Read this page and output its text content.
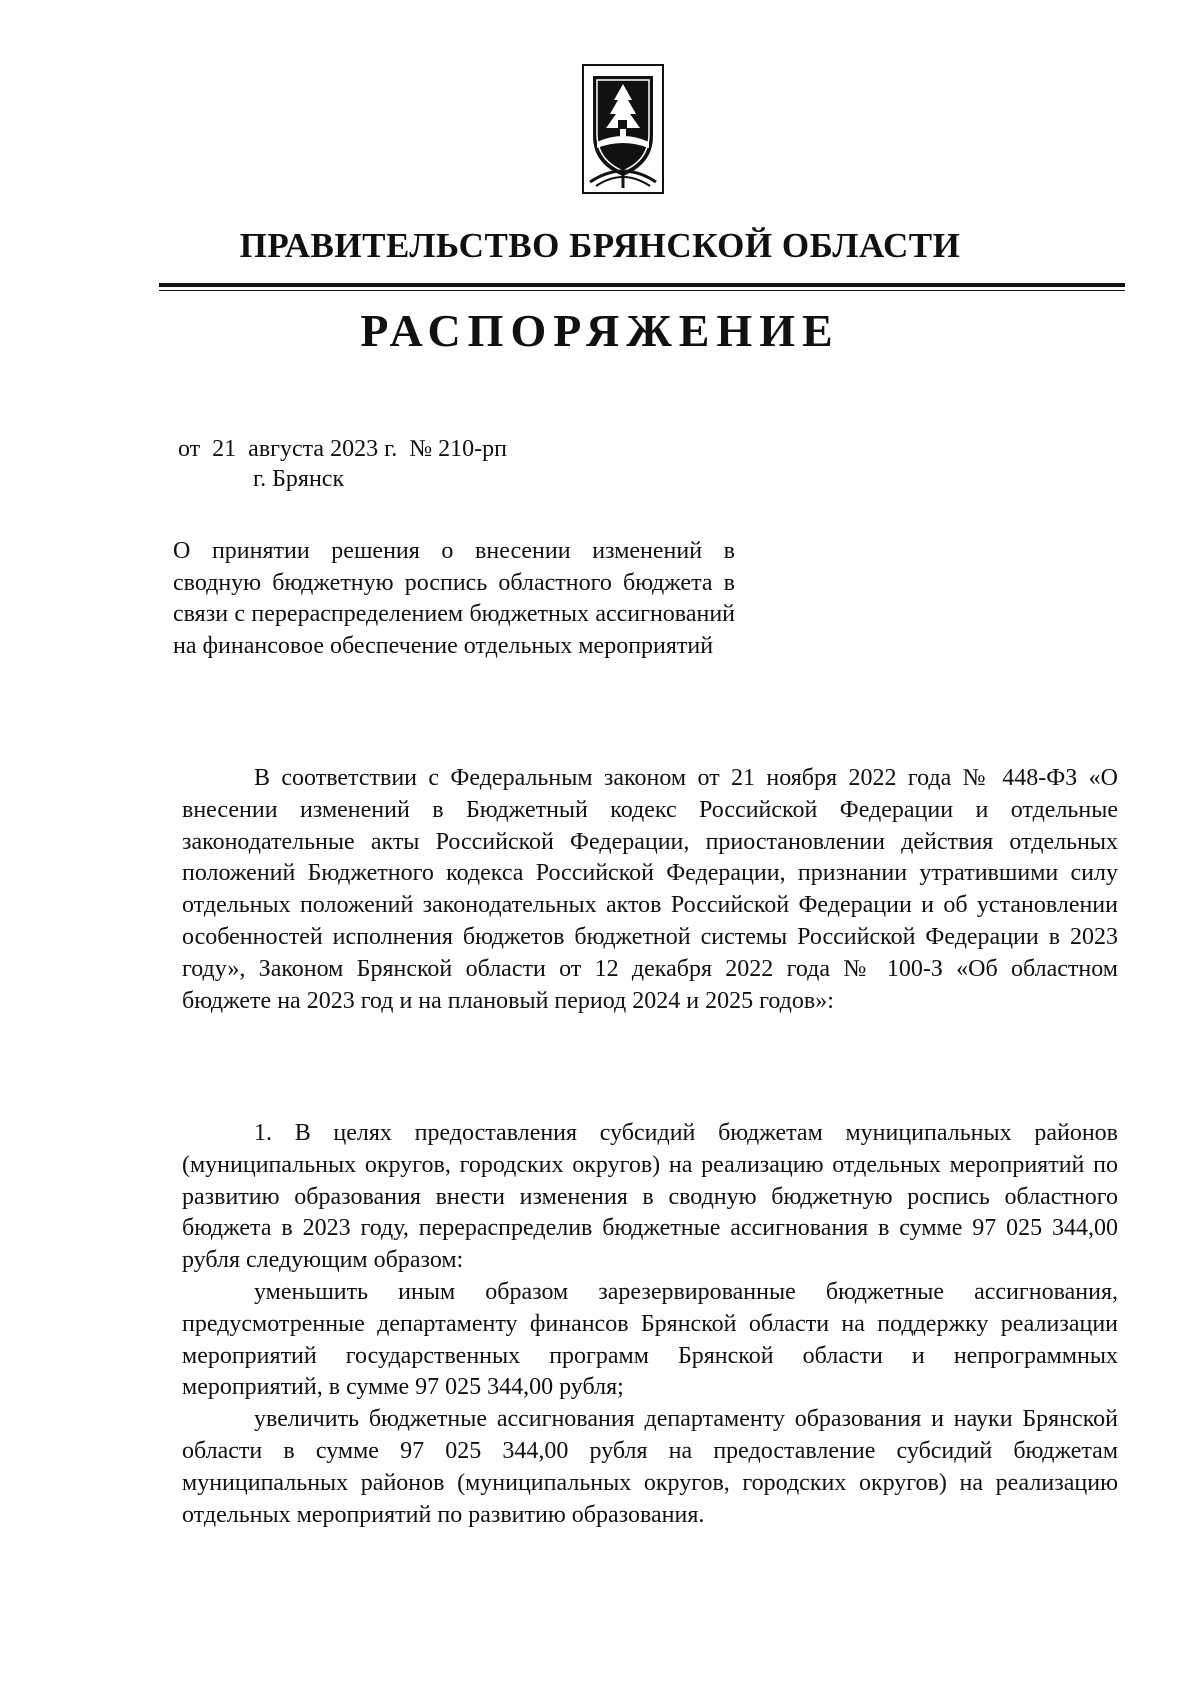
ПРАВИТЕЛЬСТВО БРЯНСКОЙ ОБЛАСТИ
РАСПОРЯЖЕНИЕ
от  21  августа 2023 г.  № 210-рп
г. Брянск
О принятии решения о внесении изменений в сводную бюджетную роспись областного бюджета в связи с перераспределением бюджетных ассигнований на финансовое обеспечение отдельных мероприятий

В соответствии с Федеральным законом от 21 ноября 2022 года № 448-ФЗ «О внесении изменений в Бюджетный кодекс Российской Федерации и отдельные законодательные акты Российской Федерации, приостановлении действия отдельных положений Бюджетного кодекса Российской Федерации, признании утратившими силу отдельных положений законодательных актов Российской Федерации и об установлении особенностей исполнения бюджетов бюджетной системы Российской Федерации в 2023 году», Законом Брянской области от 12 декабря 2022 года № 100-З «Об областном бюджете на 2023 год и на плановый период 2024 и 2025 годов»:

1. В целях предоставления субсидий бюджетам муниципальных районов (муниципальных округов, городских округов) на реализацию отдельных мероприятий по развитию образования внести изменения в сводную бюджетную роспись областного бюджета в 2023 году, перераспределив бюджетные ассигнования в сумме 97 025 344,00 рубля следующим образом:

уменьшить иным образом зарезервированные бюджетные ассигнования, предусмотренные департаменту финансов Брянской области на поддержку реализации мероприятий государственных программ Брянской области и непрограммных мероприятий, в сумме 97 025 344,00 рубля;

увеличить бюджетные ассигнования департаменту образования и науки Брянской области в сумме 97 025 344,00 рубля на предоставление субсидий бюджетам муниципальных районов (муниципальных округов, городских округов) на реализацию отдельных мероприятий по развитию образования.
